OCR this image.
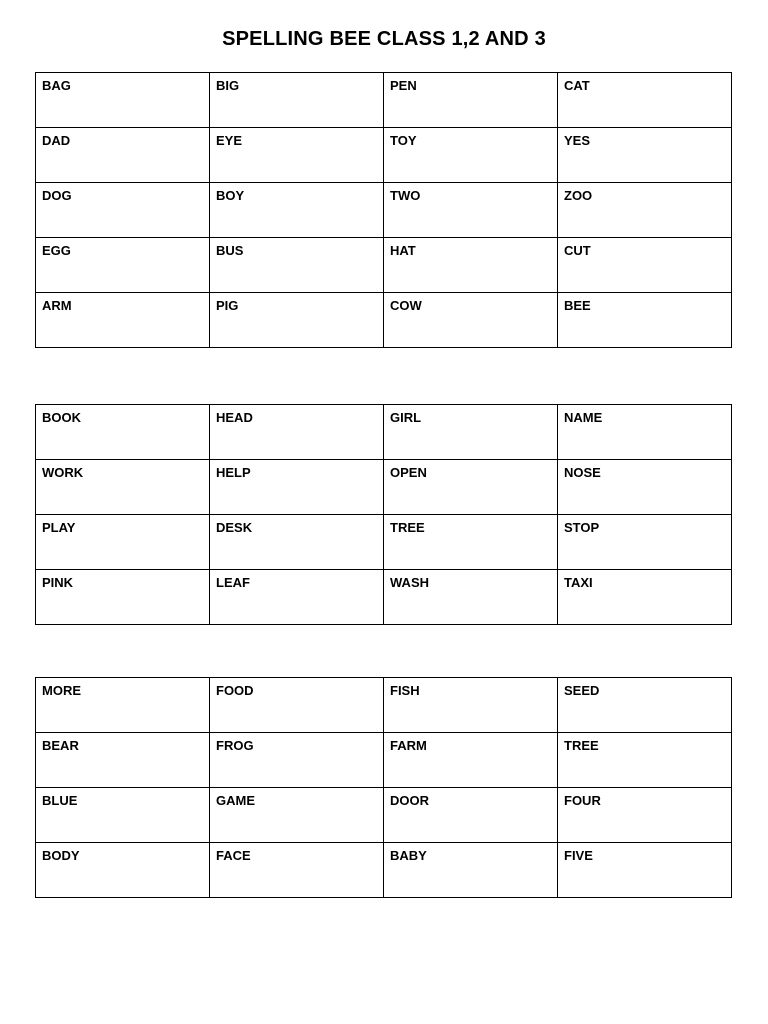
SPELLING BEE CLASS 1,2 AND 3
BAG	BIG	PEN	CAT
DAD	EYE	TOY	YES
DOG	BOY	TWO	ZOO
EGG	BUS	HAT	CUT
ARM	PIG	COW	BEE
BOOK	HEAD	GIRL	NAME
WORK	HELP	OPEN	NOSE
PLAY	DESK	TREE	STOP
PINK	LEAF	WASH	TAXI
MORE	FOOD	FISH	SEED
BEAR	FROG	FARM	TREE
BLUE	GAME	DOOR	FOUR
BODY	FACE	BABY	FIVE
